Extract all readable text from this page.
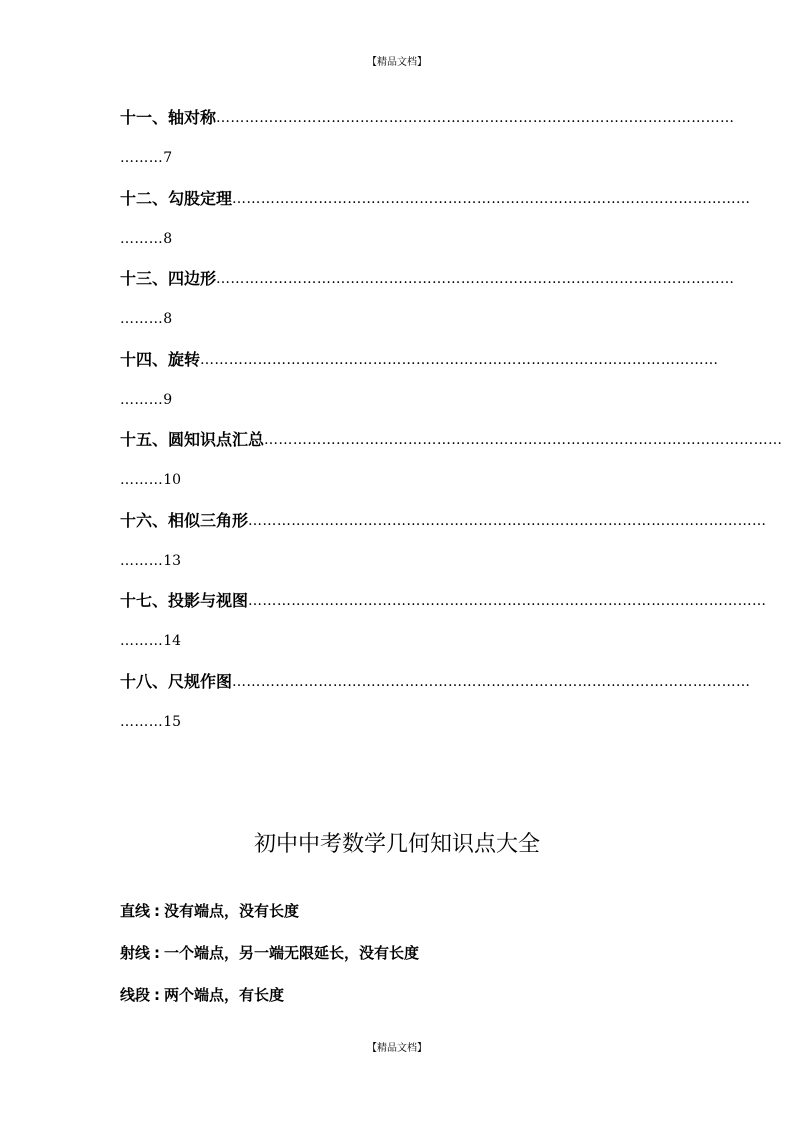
【精品文档】
十一、 轴对称 ………………………………………………………………………………………………
………7
十二、 勾股定理 ………………………………………………………………………………………………
………8
十三、 四边形 ………………………………………………………………………………………………
………8
十四、 旋转 ………………………………………………………………………………………………
………9
十五、 圆知识点汇总 ………………………………………………………………………………………………
………10
十六、 相似三角形 ………………………………………………………………………………………………
………13
十七、 投影与视图 ………………………………………………………………………………………………
………14
十八、 尺规作图 ………………………………………………………………………………………………
………15
初中中考数学几何知识点大全
直线 : 没有端点，没有长度
射线 : 一个端点，另一端无限延长，没有长度
线段 : 两个端点，有长度
【精品文档】
